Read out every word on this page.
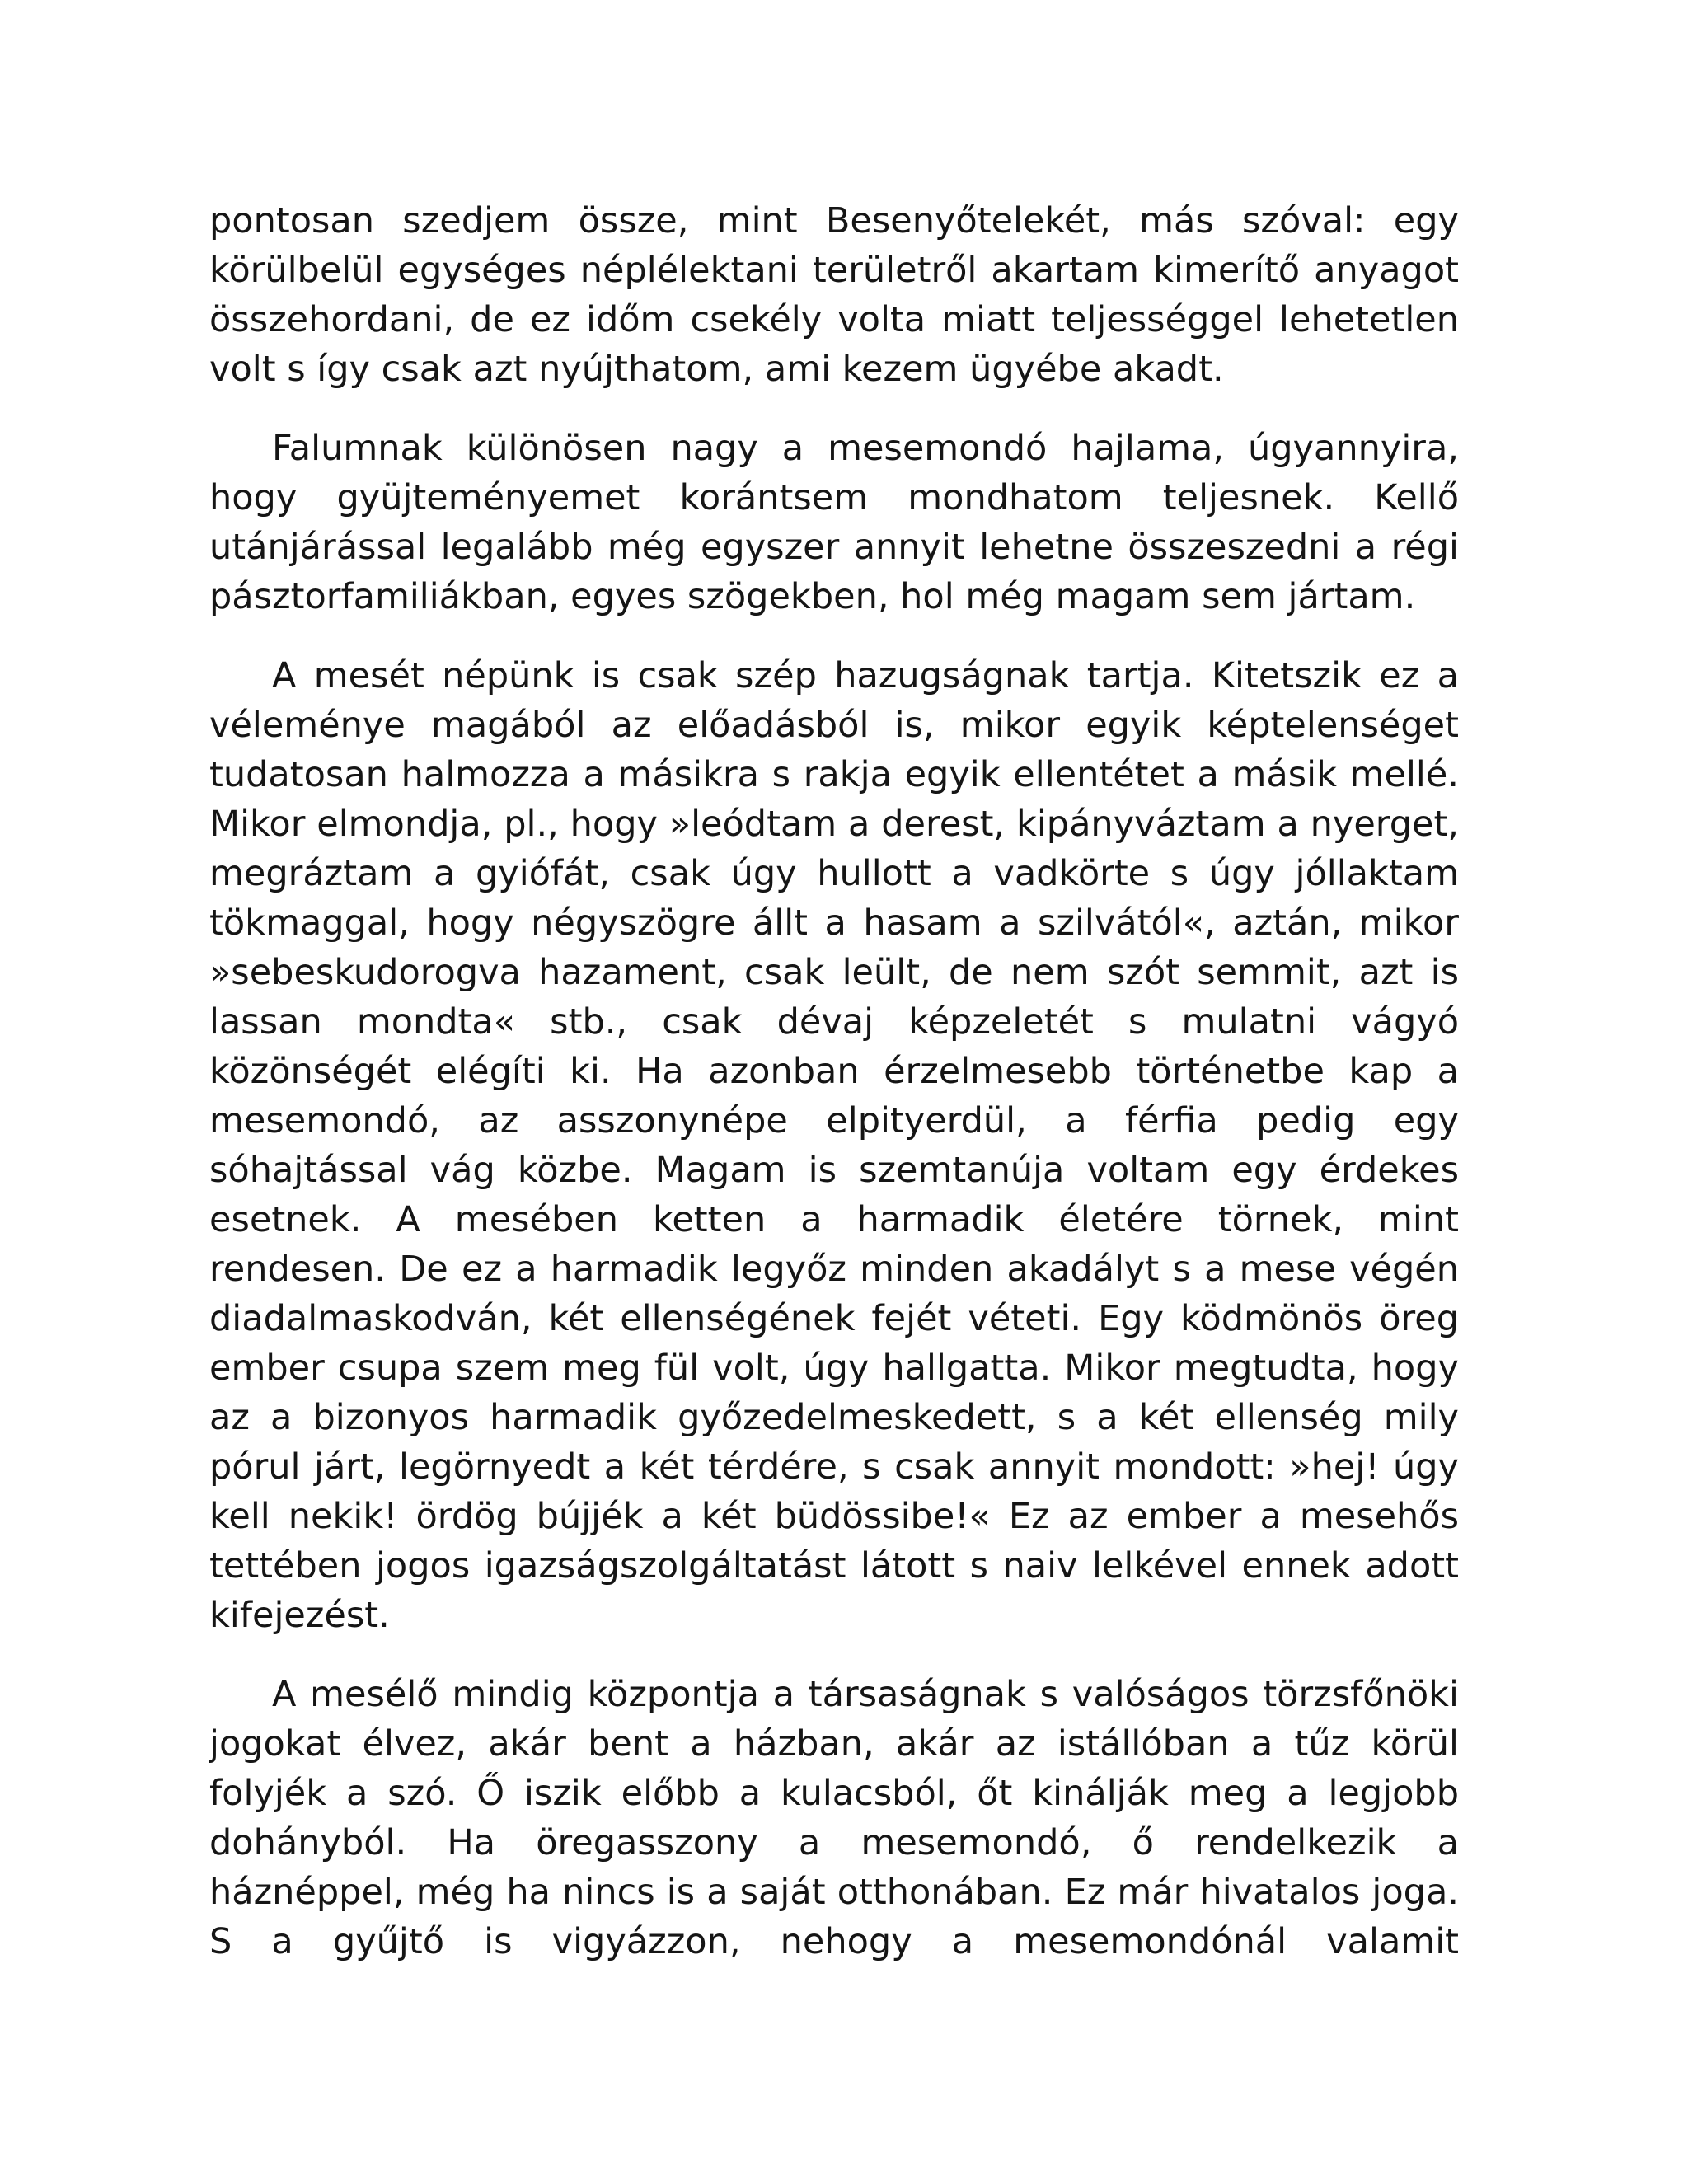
pontosan szedjem össze, mint Besenyőtelekét, más szóval: egy körülbelül egységes néplélektani területről akartam kimerítő anyagot összehordani, de ez időm csekély volta miatt teljességgel lehetetlen volt s így csak azt nyújthatom, ami kezem ügyébe akadt.

Falumnak különösen nagy a mesemondó hajlama, úgyannyira, hogy gyüjteményemet korántsem mondhatom teljesnek. Kellő utánjárással legalább még egyszer annyit lehetne összeszedni a régi pásztorfamiliákban, egyes szögekben, hol még magam sem jártam.

A mesét népünk is csak szép hazugságnak tartja. Kitetszik ez a véleménye magából az előadásból is, mikor egyik képtelenséget tudatosan halmozza a másikra s rakja egyik ellentétet a másik mellé. Mikor elmondja, pl., hogy »leódtam a derest, kipányváztam a nyerget, megráztam a gyiófát, csak úgy hullott a vadkörte s úgy jóllaktam tökmaggal, hogy négyszögre állt a hasam a szilvától«, aztán, mikor »sebeskudorogva hazament, csak leült, de nem szót semmit, azt is lassan mondta« stb., csak dévaj képzeletét s mulatni vágyó közönségét elégíti ki. Ha azonban érzelmesebb történetbe kap a mesemondó, az asszonynépe elpityerdül, a férfia pedig egy sóhajtással vág közbe. Magam is szemtanúja voltam egy érdekes esetnek. A mesében ketten a harmadik életére törnek, mint rendesen. De ez a harmadik legyőz minden akadályt s a mese végén diadalmaskodván, két ellenségének fejét véteti. Egy ködmönös öreg ember csupa szem meg fül volt, úgy hallgatta. Mikor megtudta, hogy az a bizonyos harmadik győzedelmeskedett, s a két ellenség mily pórul járt, legörnyedt a két térdére, s csak annyit mondott: »hej! úgy kell nekik! ördög bújjék a két büdössibe!« Ez az ember a mesehős tettében jogos igazságszolgáltatást látott s naiv lelkével ennek adott kifejezést.

A mesélő mindig központja a társaságnak s valóságos törzsfőnöki jogokat élvez, akár bent a házban, akár az istállóban a tűz körül folyjék a szó. Ő iszik előbb a kulacsból, őt kinálják meg a legjobb dohányból. Ha öregasszony a mesemondó, ő rendelkezik a háznéppel, még ha nincs is a saját otthonában. Ez már hivatalos joga. S a gyűjtő is vigyázzon, nehogy a mesemondónál valamit
